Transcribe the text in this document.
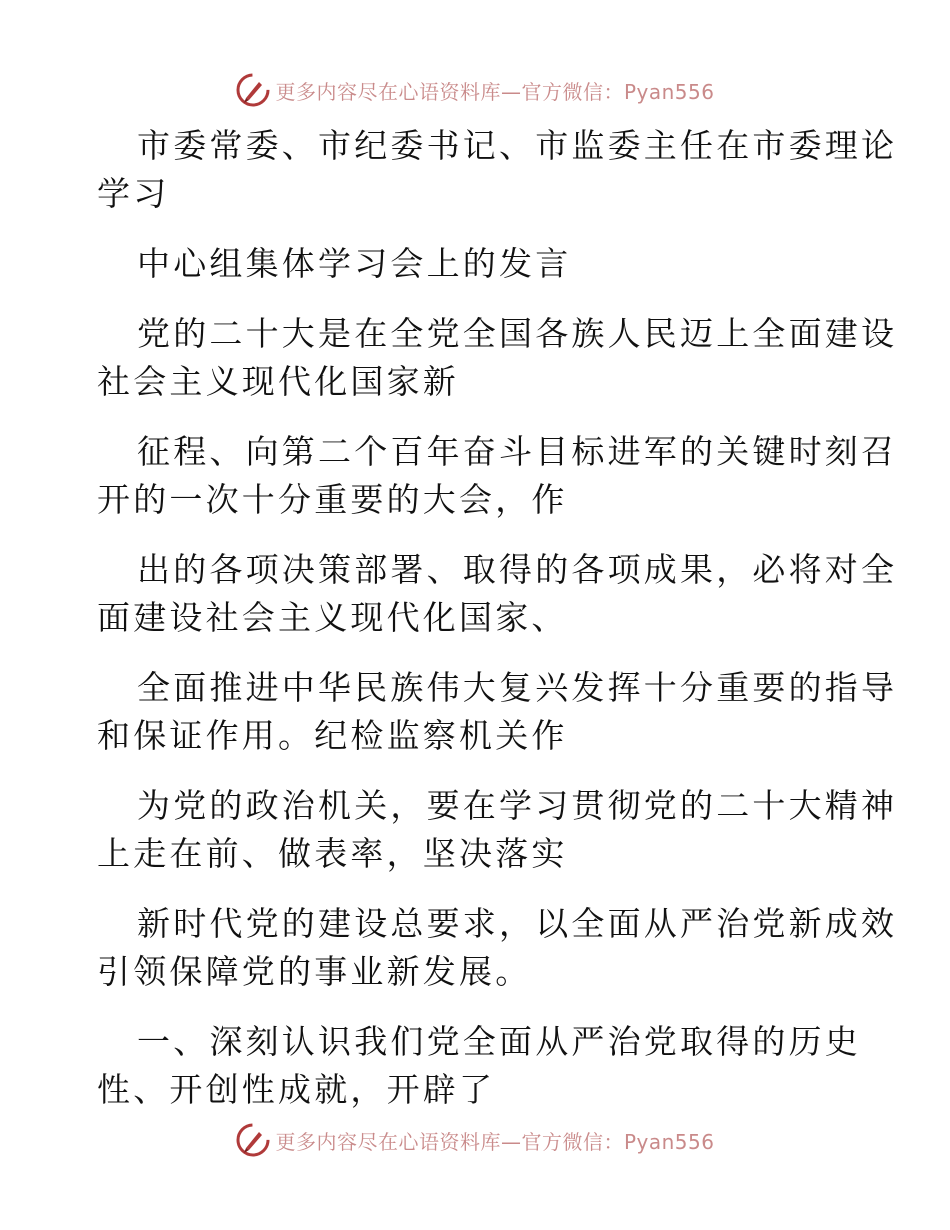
更多内容尽在心语资料库—官方微信：Pyan556
市委常委、市纪委书记、市监委主任在市委理论
学习
中心组集体学习会上的发言
党的二十大是在全党全国各族人民迈上全面建设
社会主义现代化国家新
征程、向第二个百年奋斗目标进军的关键时刻召
开的一次十分重要的大会，作
出的各项决策部署、取得的各项成果，必将对全
面建设社会主义现代化国家、
全面推进中华民族伟大复兴发挥十分重要的指导
和保证作用。纪检监察机关作
为党的政治机关，要在学习贯彻党的二十大精神
上走在前、做表率，坚决落实
新时代党的建设总要求，以全面从严治党新成效
引领保障党的事业新发展。
一、深刻认识我们党全面从严治党取得的历史
性、开创性成就，开辟了
更多内容尽在心语资料库—官方微信：Pyan556
